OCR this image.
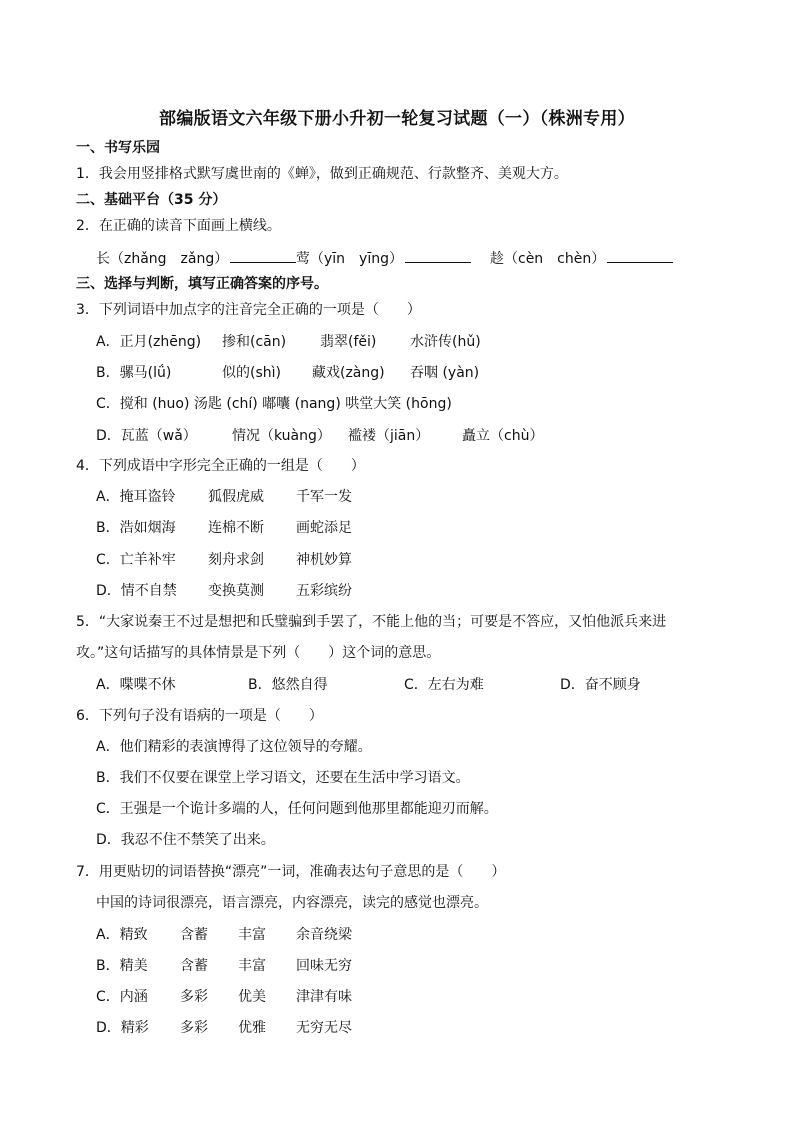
部编版语文六年级下册小升初一轮复习试题（一）（株洲专用）
一、书写乐园
1．我会用竖排格式默写虞世南的《蝉》，做到正确规范、行款整齐、美观大方。
二、基础平台（35 分）
2．在正确的读音下面画上横线。
长（zhǎng　zǎng）	莺（yīn　yīng）	趁（cèn　chèn）
三、选择与判断，填写正确答案的序号。
3．下列词语中加点字的注音完全正确的一项是（　　）
A．正月(zhēng) 掺和(cān) 翡翠(fěi) 水浒传(hǔ)
B．骡马(lǘ)	似的(shì) 藏戏(zàng) 吞咽 (yàn)
C．搅和 (huo) 汤匙 (chí) 嘟囔 (nang) 哄堂大笑 (hōng)
D．瓦蓝（wǎ）	情况（kuàng） 褴褛（jiān） 矗立（chù）
4．下列成语中字形完全正确的一组是（　　）
A．掩耳盗铃 狐假虎威 千军一发
B．浩如烟海 连棉不断 画蛇添足
C．亡羊补牢 刻舟求剑 神机妙算
D．情不自禁 变换莫测 五彩缤纷
5．“大家说秦王不过是想把和氏璧骗到手罢了，不能上他的当；可要是不答应，又怕他派兵来进
攻。”这句话描写的具体情景是下列（　　）这个词的意思。
A．喋喋不休	B．悠然自得	C．左右为难	D．奋不顾身
6．下列句子没有语病的一项是（　　）
A．他们精彩的表演博得了这位领导的夸耀。
B．我们不仅要在课堂上学习语文，还要在生活中学习语文。
C．王强是一个诡计多端的人，任何问题到他那里都能迎刃而解。
D．我忍不住不禁笑了出来。
7．用更贴切的词语替换“漂亮”一词，准确表达句子意思的是（　　）
中国的诗词很漂亮，语言漂亮，内容漂亮，读完的感觉也漂亮。
A．精致 含蓄 丰富 余音绕梁
B．精美 含蓄 丰富 回味无穷
C．内涵 多彩 优美 津津有味
D．精彩 多彩 优雅 无穷无尽
